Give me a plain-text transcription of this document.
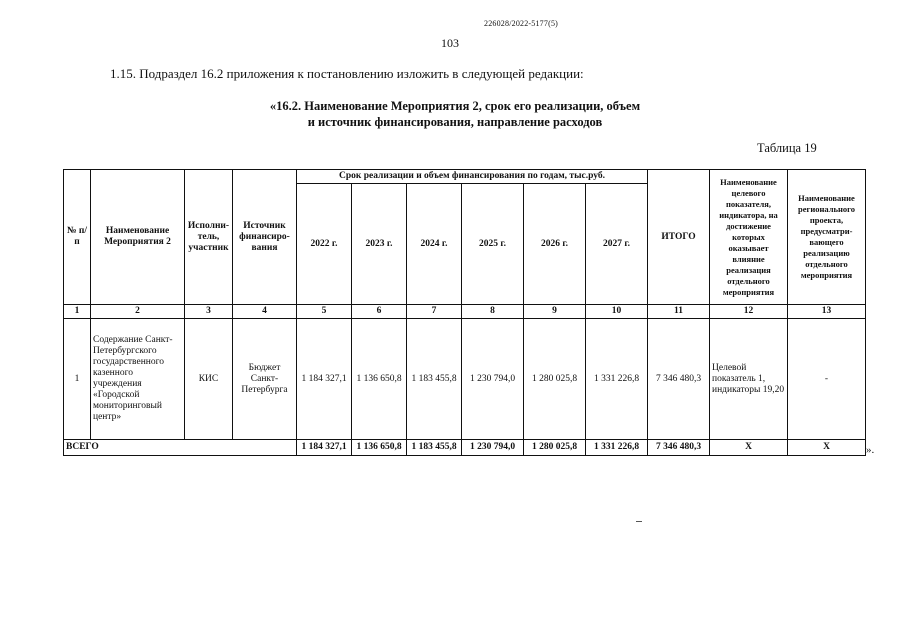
226028/2022-5177(5)
103
1.15. Подраздел 16.2 приложения к постановлению изложить в следующей редакции:
«16.2. Наименование Мероприятия 2, срок его реализации, объем
и источник финансирования, направление расходов
Таблица 19
№ п/п	Наименование Мероприятия 2	Исполни-тель, участник	Источник финансиро-вания	Срок реализации и объем финансирования по годам, тыс.руб.						ИТОГО	Наименование целевого показателя, индикатора, на достижение которых оказывает влияние реализация отдельного мероприятия	Наименование регионального проекта, предусматри-вающего реализацию отдельного мероприятия
				2022 г.	2023 г.	2024 г.	2025 г.	2026 г.	2027 г.			
1	2	3	4	5	6	7	8	9	10	11	12	13
1	Содержание Санкт-Петербургского государственного казенного учреждения «Городской мониторинговый центр»	КИС	Бюджет Санкт-Петербурга	1 184 327,1	1 136 650,8	1 183 455,8	1 230 794,0	1 280 025,8	1 331 226,8	7 346 480,3	Целевой показатель 1, индикаторы 19,20	-
ВСЕГО				1 184 327,1	1 136 650,8	1 183 455,8	1 230 794,0	1 280 025,8	1 331 226,8	7 346 480,3	X	X	».
